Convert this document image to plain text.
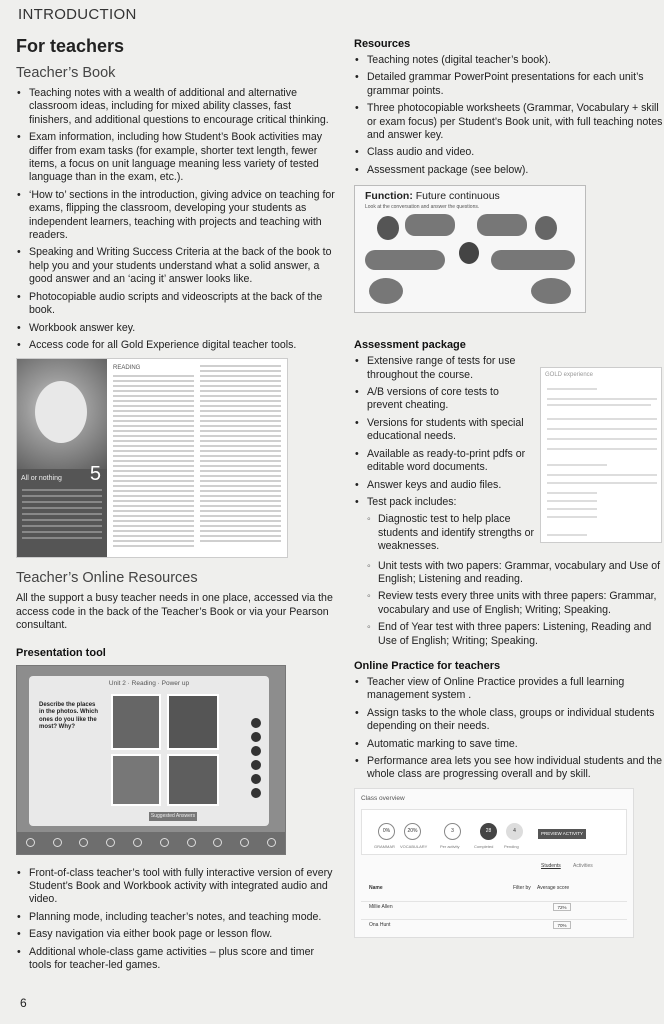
INTRODUCTION
For teachers
Teacher’s Book
• Teaching notes with a wealth of additional and alternative classroom ideas, including for mixed ability classes, fast finishers, and additional questions to encourage critical thinking.
• Exam information, including how Student’s Book activities may differ from exam tasks (for example, shorter text length, fewer items, a focus on unit language meaning less variety of tested language than in the exam, etc.).
• ‘How to’ sections in the introduction, giving advice on teaching for exams, flipping the classroom, developing your students as independent learners, teaching with projects and teaching with readers.
• Speaking and Writing Success Criteria at the back of the book to help you and your students understand what a solid answer, a good answer and an ‘acing it’ answer looks like.
• Photocopiable audio scripts and videoscripts at the back of the book.
• Workbook answer key.
• Access code for all Gold Experience digital teacher tools.
All or nothing 5
READING
Teacher’s Online Resources

All the support a busy teacher needs in one place, accessed via the access code in the back of the Teacher’s Book or via your Pearson consultant.

Presentation tool
Unit 2 · Reading · Power up
Describe the places in the photos. Which ones do you like the most? Why?
Suggested Answers
• Front-of-class teacher’s tool with fully interactive version of every Student’s Book and Workbook activity with integrated audio and video.
• Planning mode, including teacher’s notes, and teaching mode.
• Easy navigation via either book page or lesson flow.
• Additional whole-class game activities – plus score and timer tools for teacher-led games.
Resources
• Teaching notes (digital teacher’s book).
• Detailed grammar PowerPoint presentations for each unit’s grammar points.
• Three photocopiable worksheets (Grammar, Vocabulary + skill or exam focus) per Student’s Book unit, with full teaching notes and answer key.
• Class audio and video.
• Assessment package (see below).
Function: Future continuous
Look at the conversation and answer the questions.
Assessment package
• Extensive range of tests for use throughout the course.
• A/B versions of core tests to prevent cheating.
• Versions for students with special educational needs.
• Available as ready-to-print pdfs or editable word documents.
• Answer keys and audio files.
• Test pack includes:
◦ Diagnostic test to help place students and identify strengths or weaknesses.
GOLD experience
◦ Unit tests with two papers: Grammar, vocabulary and Use of English; Listening and reading.
◦ Review tests every three units with three papers: Grammar, vocabulary and use of English; Writing; Speaking.
◦ End of Year test with three papers: Listening, Reading and Use of English; Writing; Speaking.
Online Practice for teachers
• Teacher view of Online Practice provides a full learning management system .
• Assign tasks to the whole class, groups or individual students depending on their needs.
• Automatic marking to save time.
• Performance area lets you see how individual students and the whole class are progressing overall and by skill.
Class overview
0%	20%	3	28	4
GRAMMAR VOCABULARY	Per activity	Completed	Pending
PREVIEW ACTIVITY
Students Activities
Name	Filter by Average score
Millie Allen	72%
Ona Hunt	70%
6
